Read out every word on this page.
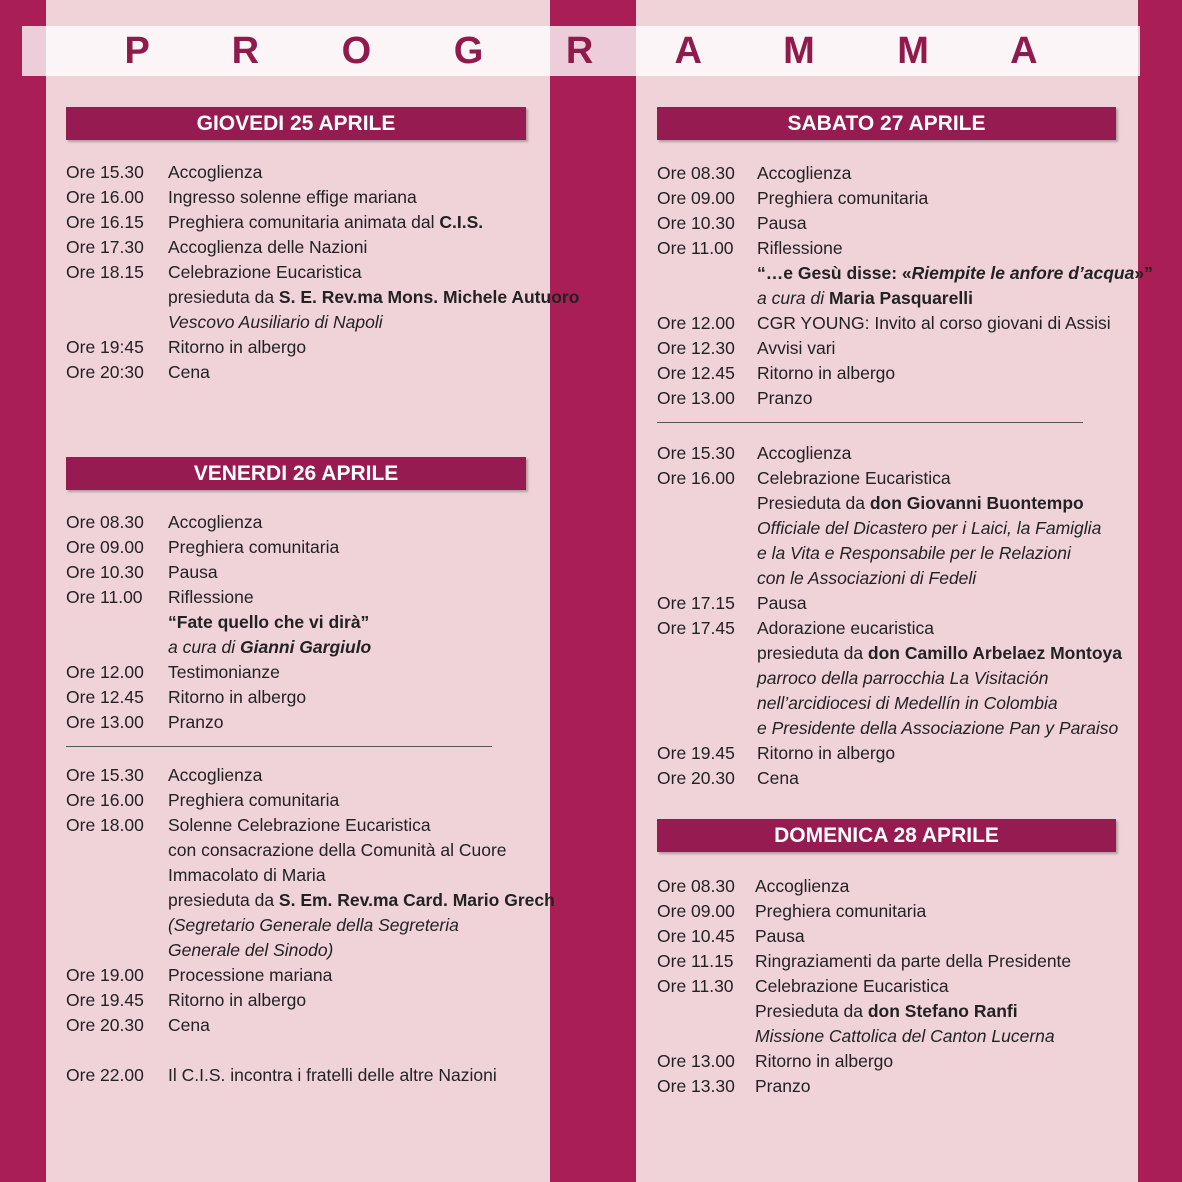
P R O G R A M M A
GIOVEDI 25 APRILE
Ore 15.30	Accoglienza
Ore 16.00	Ingresso solenne effige mariana
Ore 16.15	Preghiera comunitaria animata dal C.I.S.
Ore 17.30	Accoglienza delle Nazioni
Ore 18.15	Celebrazione Eucaristica
presieduta da S. E. Rev.ma Mons. Michele Autuoro
Vescovo Ausiliario di Napoli
Ore 19:45	Ritorno in albergo
Ore 20:30	Cena
VENERDI 26 APRILE
Ore 08.30	Accoglienza
Ore 09.00	Preghiera comunitaria
Ore 10.30	Pausa
Ore 11.00	Riflessione
“Fate quello che vi dirà”
a cura di Gianni Gargiulo
Ore 12.00	Testimonianze
Ore 12.45	Ritorno in albergo
Ore 13.00	Pranzo
Ore 15.30	Accoglienza
Ore 16.00	Preghiera comunitaria
Ore 18.00	Solenne Celebrazione Eucaristica
con consacrazione della Comunità al Cuore
Immacolato di Maria
presieduta da S. Em. Rev.ma Card. Mario Grech
(Segretario Generale della Segreteria
Generale del Sinodo)
Ore 19.00	Processione mariana
Ore 19.45	Ritorno in albergo
Ore 20.30	Cena
Ore 22.00	Il C.I.S. incontra i fratelli delle altre Nazioni
SABATO 27 APRILE
Ore 08.30	Accoglienza
Ore 09.00	Preghiera comunitaria
Ore 10.30	Pausa
Ore 11.00	Riflessione
“…e Gesù disse: «Riempite le anfore d’acqua»”
a cura di Maria Pasquarelli
Ore 12.00	CGR YOUNG: Invito al corso giovani di Assisi
Ore 12.30	Avvisi vari
Ore 12.45	Ritorno in albergo
Ore 13.00	Pranzo
Ore 15.30	Accoglienza
Ore 16.00	Celebrazione Eucaristica
Presieduta da don Giovanni Buontempo
Officiale del Dicastero per i Laici, la Famiglia
e la Vita e Responsabile per le Relazioni
con le Associazioni di Fedeli
Ore 17.15	Pausa
Ore 17.45	Adorazione eucaristica
presieduta da don Camillo Arbelaez Montoya
parroco della parrocchia La Visitación
nell’arcidiocesi di Medellín in Colombia
e Presidente della Associazione Pan y Paraiso
Ore 19.45	Ritorno in albergo
Ore 20.30	Cena
DOMENICA 28 APRILE
Ore 08.30	Accoglienza
Ore 09.00	Preghiera comunitaria
Ore 10.45	Pausa
Ore 11.15	Ringraziamenti da parte della Presidente
Ore 11.30	Celebrazione Eucaristica
Presieduta da don Stefano Ranfi
Missione Cattolica del Canton Lucerna
Ore 13.00	Ritorno in albergo
Ore 13.30	Pranzo
